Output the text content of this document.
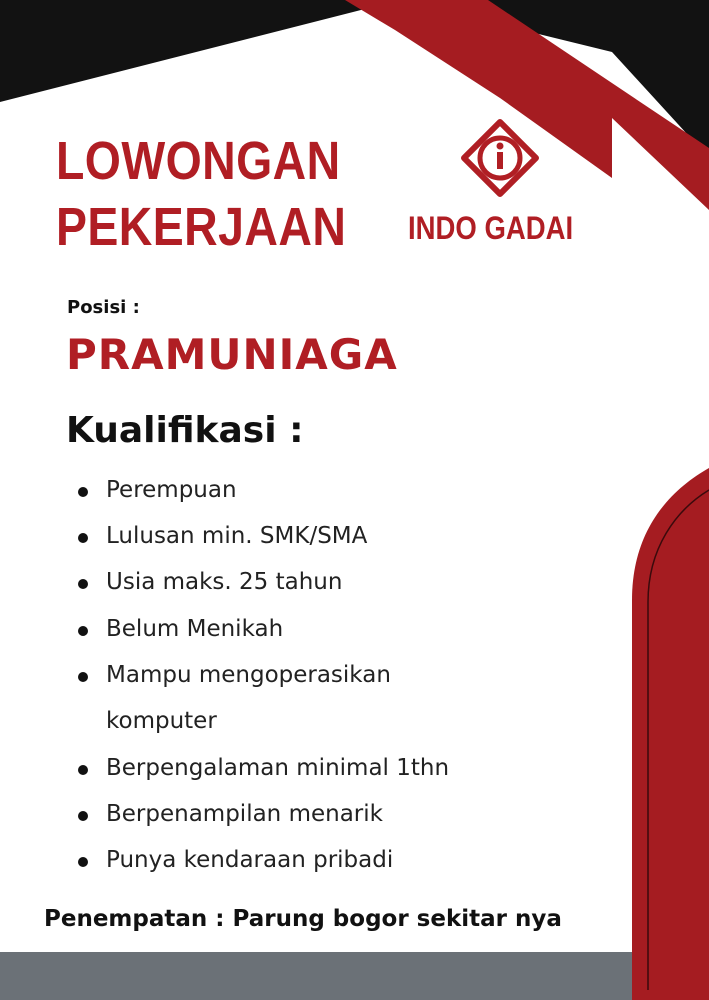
LOWONGAN
PEKERJAAN INDO GADAI
Posisi :
PRAMUNIAGA
Kualifikasi :
Perempuan
Lulusan min. SMK/SMA
Usia maks. 25 tahun
Belum Menikah
Mampu mengoperasikan
komputer
Berpengalaman minimal 1thn
Berpenampilan menarik
Punya kendaraan pribadi
Penempatan : Parung bogor sekitar nya
